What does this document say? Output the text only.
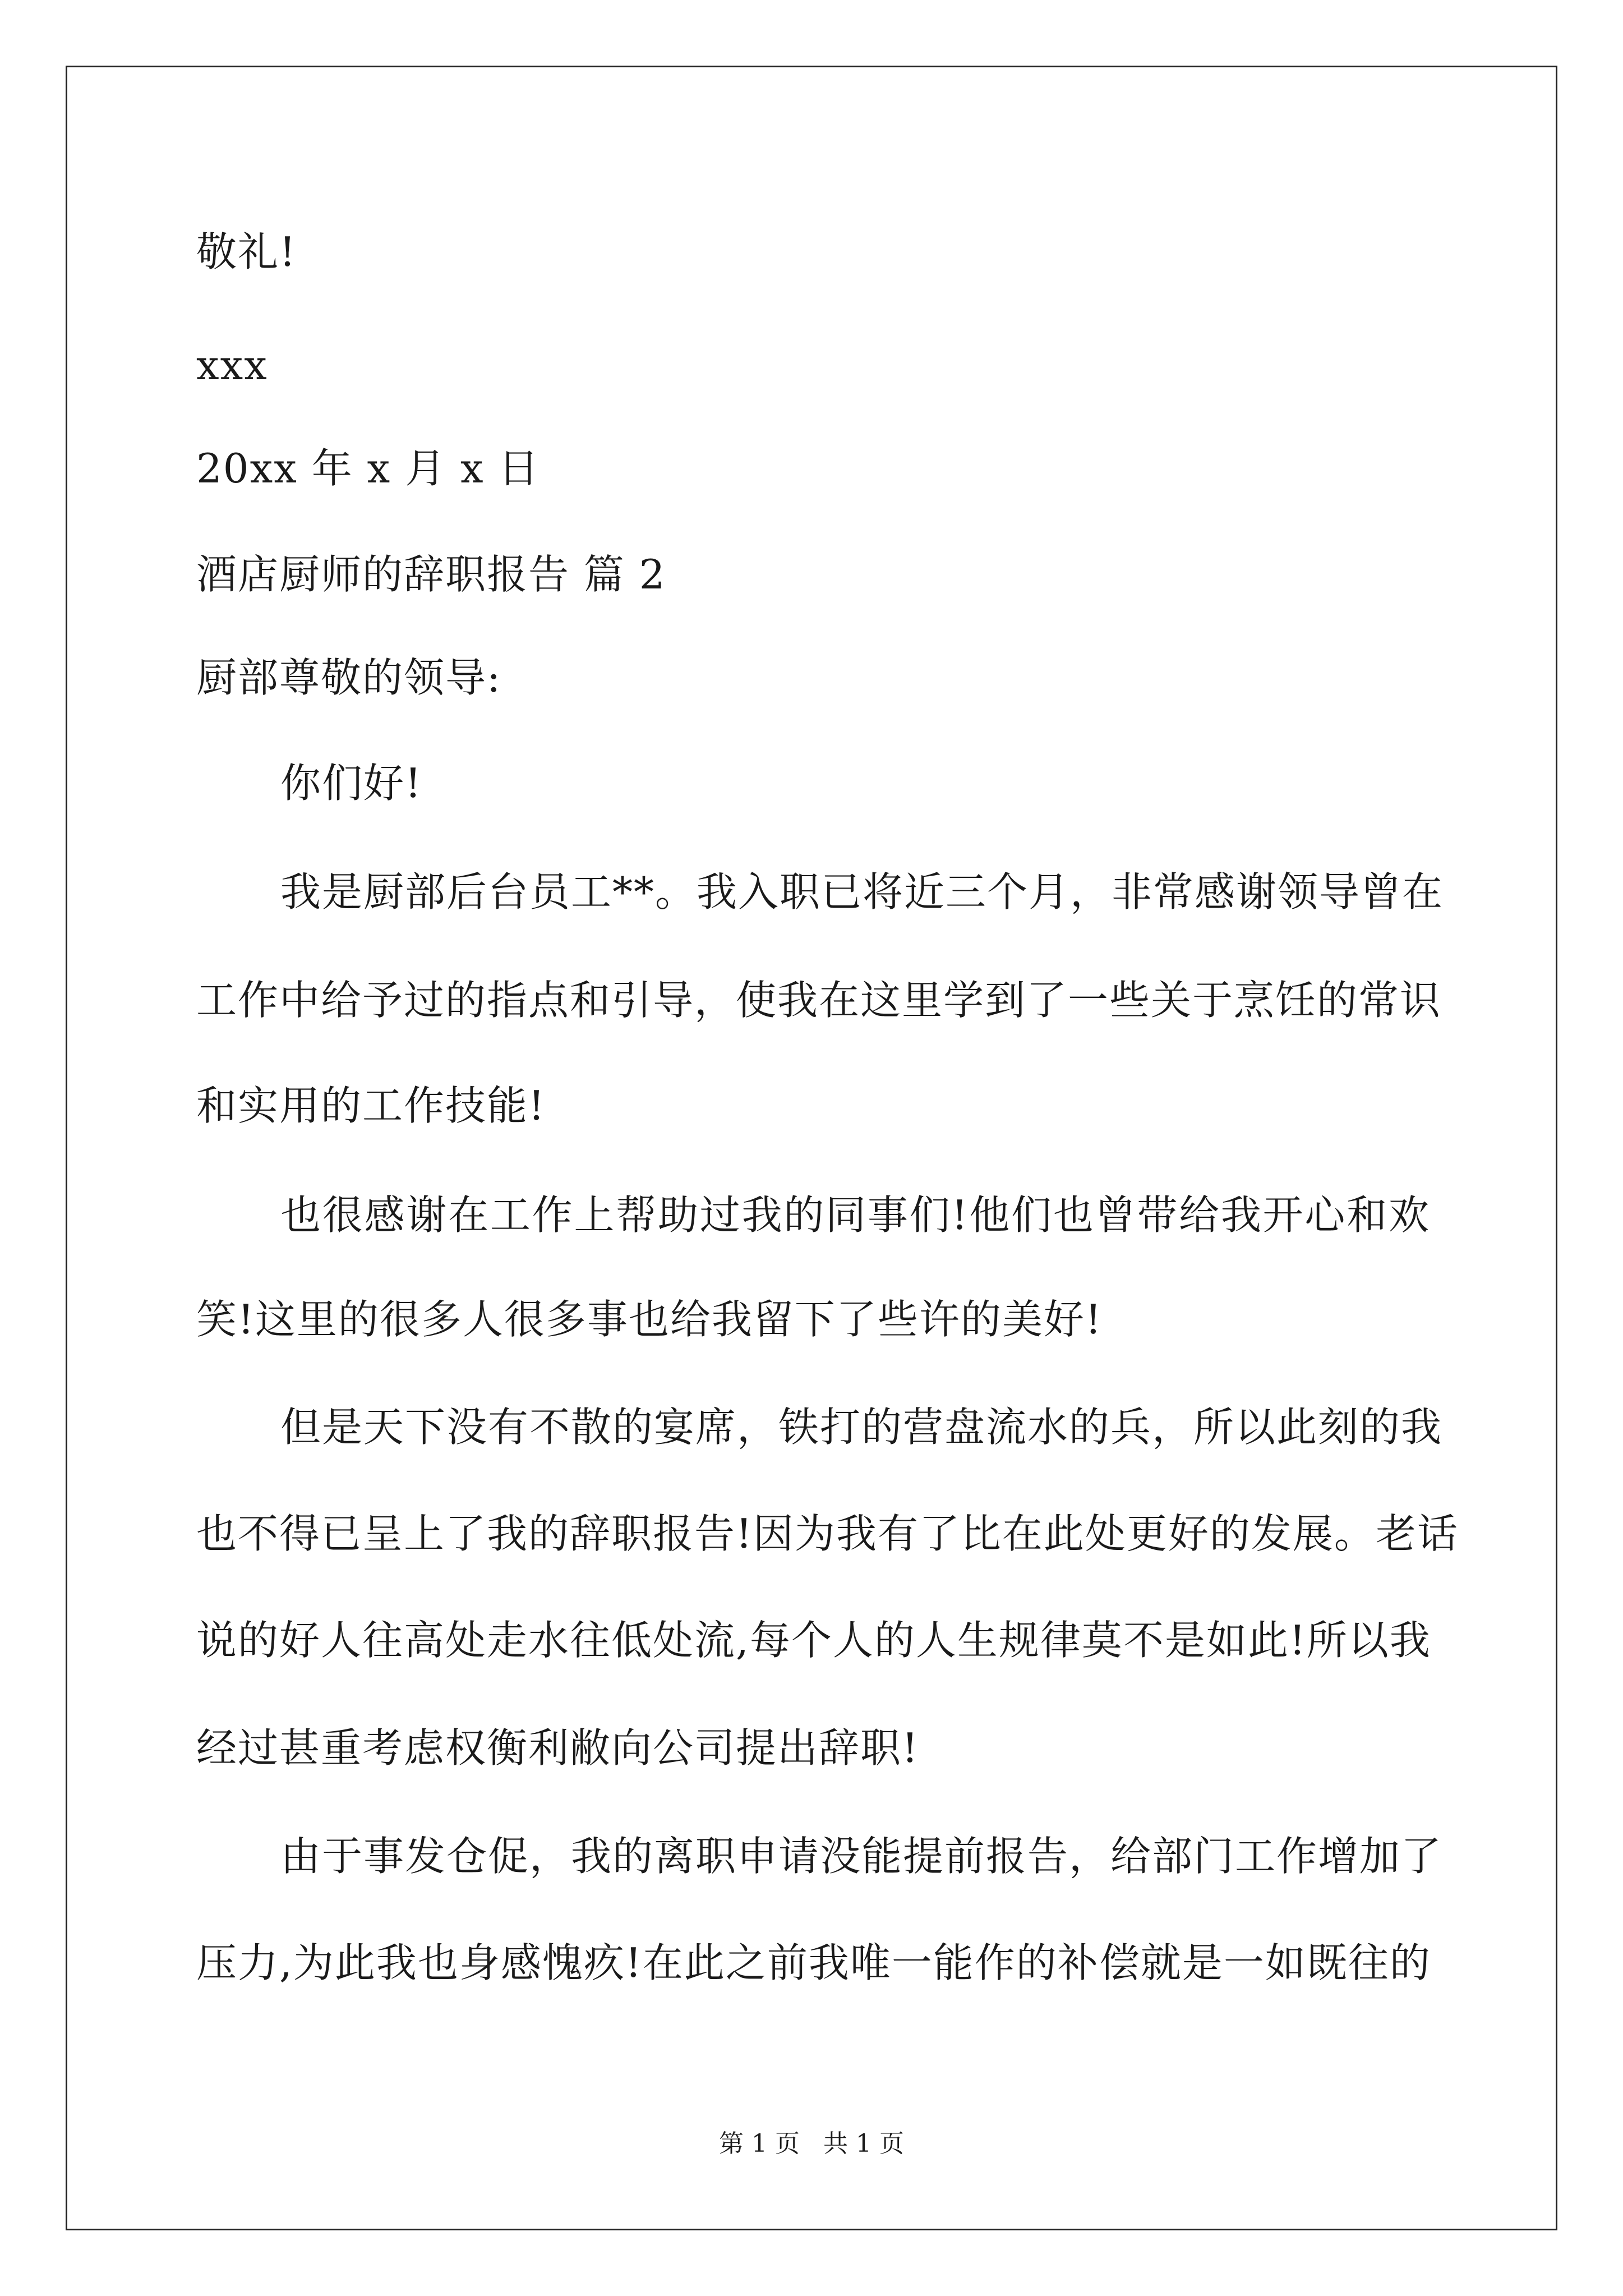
敬礼!
xxx
20xx 年 x 月 x 日
酒店厨师的辞职报告 篇 2
厨部尊敬的领导:
你们好!
我是厨部后台员工**。我入职已将近三个月，非常感谢领导曾在
工作中给予过的指点和引导，使我在这里学到了一些关于烹饪的常识
和实用的工作技能!
也很感谢在工作上帮助过我的同事们!他们也曾带给我开心和欢
笑!这里的很多人很多事也给我留下了些许的美好!
但是天下没有不散的宴席，铁打的营盘流水的兵，所以此刻的我
也不得已呈上了我的辞职报告!因为我有了比在此处更好的发展。老话
说的好人往高处走水往低处流,每个人的人生规律莫不是如此!所以我
经过甚重考虑权衡利敝向公司提出辞职!
由于事发仓促，我的离职申请没能提前报告，给部门工作增加了
压力,为此我也身感愧疚!在此之前我唯一能作的补偿就是一如既往的
第 1 页   共 1 页
